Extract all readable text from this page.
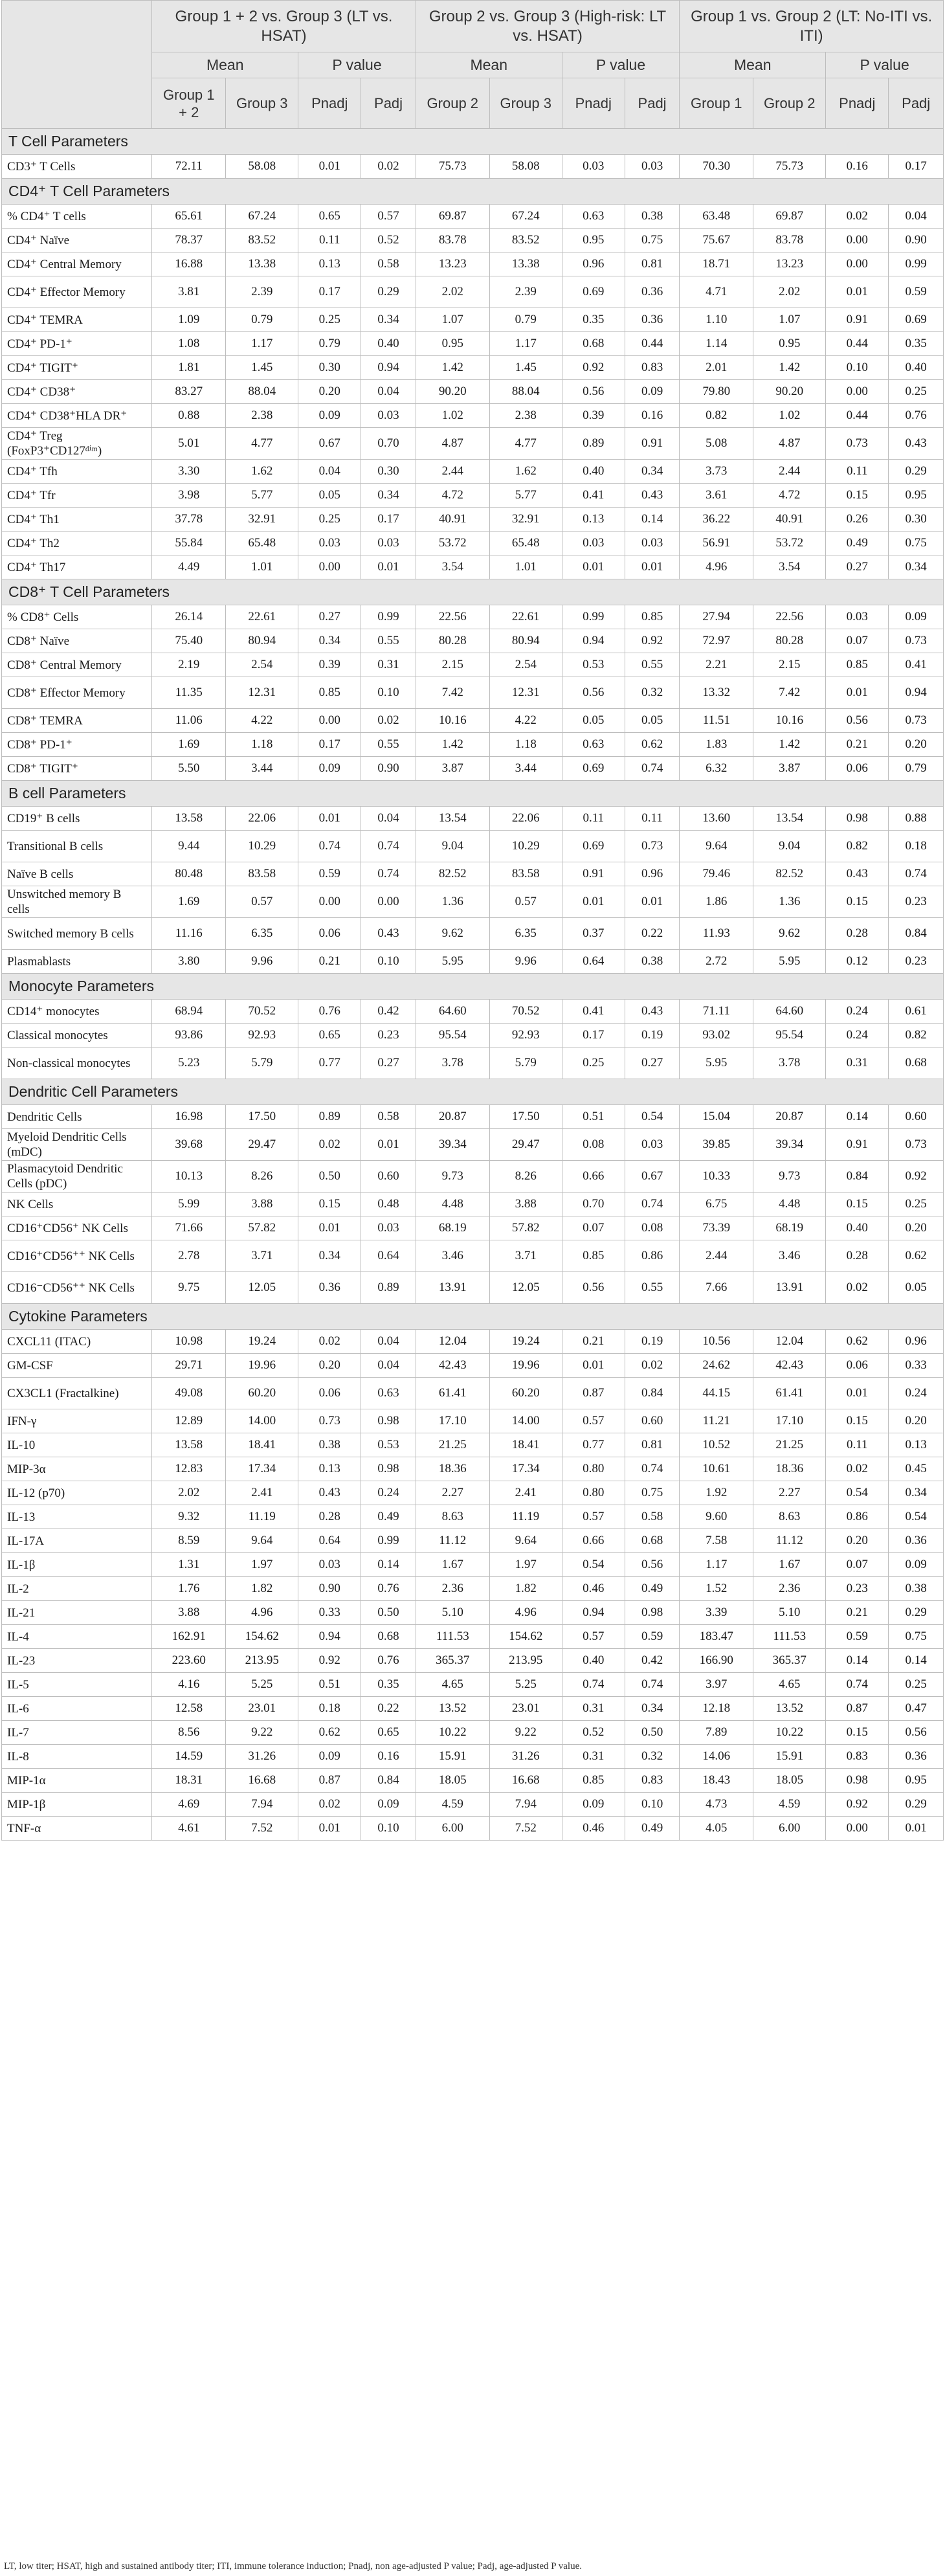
	Group 1 + 2 vs. Group 3 (LT vs. HSAT)				Group 2 vs. Group 3 (High-risk: LT vs. HSAT)				Group 1 vs. Group 2 (LT: No-ITI vs. ITI)			
	Mean		P value		Mean		P value		Mean		P value	
	Group 1 + 2	Group 3	Pnadj	Padj	Group 2	Group 3	Pnadj	Padj	Group 1	Group 2	Pnadj	Padj
T Cell Parameters												
CD3⁺ T Cells	72.11	58.08	0.01	0.02	75.73	58.08	0.03	0.03	70.30	75.73	0.16	0.17
CD4⁺ T Cell Parameters												
% CD4⁺ T cells	65.61	67.24	0.65	0.57	69.87	67.24	0.63	0.38	63.48	69.87	0.02	0.04
CD4⁺ Naïve	78.37	83.52	0.11	0.52	83.78	83.52	0.95	0.75	75.67	83.78	0.00	0.90
CD4⁺ Central Memory	16.88	13.38	0.13	0.58	13.23	13.38	0.96	0.81	18.71	13.23	0.00	0.99
CD4⁺ Effector Memory	3.81	2.39	0.17	0.29	2.02	2.39	0.69	0.36	4.71	2.02	0.01	0.59
CD4⁺ TEMRA	1.09	0.79	0.25	0.34	1.07	0.79	0.35	0.36	1.10	1.07	0.91	0.69
CD4⁺ PD-1⁺	1.08	1.17	0.79	0.40	0.95	1.17	0.68	0.44	1.14	0.95	0.44	0.35
CD4⁺ TIGIT⁺	1.81	1.45	0.30	0.94	1.42	1.45	0.92	0.83	2.01	1.42	0.10	0.40
CD4⁺ CD38⁺	83.27	88.04	0.20	0.04	90.20	88.04	0.56	0.09	79.80	90.20	0.00	0.25
CD4⁺ CD38⁺HLA DR⁺	0.88	2.38	0.09	0.03	1.02	2.38	0.39	0.16	0.82	1.02	0.44	0.76
CD4⁺ Treg (FoxP3⁺CD127ᵈⁱᵐ)	5.01	4.77	0.67	0.70	4.87	4.77	0.89	0.91	5.08	4.87	0.73	0.43
CD4⁺ Tfh	3.30	1.62	0.04	0.30	2.44	1.62	0.40	0.34	3.73	2.44	0.11	0.29
CD4⁺ Tfr	3.98	5.77	0.05	0.34	4.72	5.77	0.41	0.43	3.61	4.72	0.15	0.95
CD4⁺ Th1	37.78	32.91	0.25	0.17	40.91	32.91	0.13	0.14	36.22	40.91	0.26	0.30
CD4⁺ Th2	55.84	65.48	0.03	0.03	53.72	65.48	0.03	0.03	56.91	53.72	0.49	0.75
CD4⁺ Th17	4.49	1.01	0.00	0.01	3.54	1.01	0.01	0.01	4.96	3.54	0.27	0.34
CD8⁺ T Cell Parameters												
% CD8⁺ Cells	26.14	22.61	0.27	0.99	22.56	22.61	0.99	0.85	27.94	22.56	0.03	0.09
CD8⁺ Naïve	75.40	80.94	0.34	0.55	80.28	80.94	0.94	0.92	72.97	80.28	0.07	0.73
CD8⁺ Central Memory	2.19	2.54	0.39	0.31	2.15	2.54	0.53	0.55	2.21	2.15	0.85	0.41
CD8⁺ Effector Memory	11.35	12.31	0.85	0.10	7.42	12.31	0.56	0.32	13.32	7.42	0.01	0.94
CD8⁺ TEMRA	11.06	4.22	0.00	0.02	10.16	4.22	0.05	0.05	11.51	10.16	0.56	0.73
CD8⁺ PD-1⁺	1.69	1.18	0.17	0.55	1.42	1.18	0.63	0.62	1.83	1.42	0.21	0.20
CD8⁺ TIGIT⁺	5.50	3.44	0.09	0.90	3.87	3.44	0.69	0.74	6.32	3.87	0.06	0.79
B cell Parameters												
CD19⁺ B cells	13.58	22.06	0.01	0.04	13.54	22.06	0.11	0.11	13.60	13.54	0.98	0.88
Transitional B cells	9.44	10.29	0.74	0.74	9.04	10.29	0.69	0.73	9.64	9.04	0.82	0.18
Naïve B cells	80.48	83.58	0.59	0.74	82.52	83.58	0.91	0.96	79.46	82.52	0.43	0.74
Unswitched memory B cells	1.69	0.57	0.00	0.00	1.36	0.57	0.01	0.01	1.86	1.36	0.15	0.23
Switched memory B cells	11.16	6.35	0.06	0.43	9.62	6.35	0.37	0.22	11.93	9.62	0.28	0.84
Plasmablasts	3.80	9.96	0.21	0.10	5.95	9.96	0.64	0.38	2.72	5.95	0.12	0.23
Monocyte Parameters												
CD14⁺ monocytes	68.94	70.52	0.76	0.42	64.60	70.52	0.41	0.43	71.11	64.60	0.24	0.61
Classical monocytes	93.86	92.93	0.65	0.23	95.54	92.93	0.17	0.19	93.02	95.54	0.24	0.82
Non-classical monocytes	5.23	5.79	0.77	0.27	3.78	5.79	0.25	0.27	5.95	3.78	0.31	0.68
Dendritic Cell Parameters												
Dendritic Cells	16.98	17.50	0.89	0.58	20.87	17.50	0.51	0.54	15.04	20.87	0.14	0.60
Myeloid Dendritic Cells (mDC)	39.68	29.47	0.02	0.01	39.34	29.47	0.08	0.03	39.85	39.34	0.91	0.73
Plasmacytoid Dendritic Cells (pDC)	10.13	8.26	0.50	0.60	9.73	8.26	0.66	0.67	10.33	9.73	0.84	0.92
NK Cells	5.99	3.88	0.15	0.48	4.48	3.88	0.70	0.74	6.75	4.48	0.15	0.25
CD16⁺CD56⁺ NK Cells	71.66	57.82	0.01	0.03	68.19	57.82	0.07	0.08	73.39	68.19	0.40	0.20
CD16⁺CD56⁺⁺ NK Cells	2.78	3.71	0.34	0.64	3.46	3.71	0.85	0.86	2.44	3.46	0.28	0.62
CD16⁻CD56⁺⁺ NK Cells	9.75	12.05	0.36	0.89	13.91	12.05	0.56	0.55	7.66	13.91	0.02	0.05
Cytokine Parameters												
CXCL11 (ITAC)	10.98	19.24	0.02	0.04	12.04	19.24	0.21	0.19	10.56	12.04	0.62	0.96
GM-CSF	29.71	19.96	0.20	0.04	42.43	19.96	0.01	0.02	24.62	42.43	0.06	0.33
CX3CL1 (Fractalkine)	49.08	60.20	0.06	0.63	61.41	60.20	0.87	0.84	44.15	61.41	0.01	0.24
IFN-γ	12.89	14.00	0.73	0.98	17.10	14.00	0.57	0.60	11.21	17.10	0.15	0.20
IL-10	13.58	18.41	0.38	0.53	21.25	18.41	0.77	0.81	10.52	21.25	0.11	0.13
MIP-3α	12.83	17.34	0.13	0.98	18.36	17.34	0.80	0.74	10.61	18.36	0.02	0.45
IL-12 (p70)	2.02	2.41	0.43	0.24	2.27	2.41	0.80	0.75	1.92	2.27	0.54	0.34
IL-13	9.32	11.19	0.28	0.49	8.63	11.19	0.57	0.58	9.60	8.63	0.86	0.54
IL-17A	8.59	9.64	0.64	0.99	11.12	9.64	0.66	0.68	7.58	11.12	0.20	0.36
IL-1β	1.31	1.97	0.03	0.14	1.67	1.97	0.54	0.56	1.17	1.67	0.07	0.09
IL-2	1.76	1.82	0.90	0.76	2.36	1.82	0.46	0.49	1.52	2.36	0.23	0.38
IL-21	3.88	4.96	0.33	0.50	5.10	4.96	0.94	0.98	3.39	5.10	0.21	0.29
IL-4	162.91	154.62	0.94	0.68	111.53	154.62	0.57	0.59	183.47	111.53	0.59	0.75
IL-23	223.60	213.95	0.92	0.76	365.37	213.95	0.40	0.42	166.90	365.37	0.14	0.14
IL-5	4.16	5.25	0.51	0.35	4.65	5.25	0.74	0.74	3.97	4.65	0.74	0.25
IL-6	12.58	23.01	0.18	0.22	13.52	23.01	0.31	0.34	12.18	13.52	0.87	0.47
IL-7	8.56	9.22	0.62	0.65	10.22	9.22	0.52	0.50	7.89	10.22	0.15	0.56
IL-8	14.59	31.26	0.09	0.16	15.91	31.26	0.31	0.32	14.06	15.91	0.83	0.36
MIP-1α	18.31	16.68	0.87	0.84	18.05	16.68	0.85	0.83	18.43	18.05	0.98	0.95
MIP-1β	4.69	7.94	0.02	0.09	4.59	7.94	0.09	0.10	4.73	4.59	0.92	0.29
TNF-α	4.61	7.52	0.01	0.10	6.00	7.52	0.46	0.49	4.05	6.00	0.00	0.01
LT, low titer; HSAT, high and sustained antibody titer; ITI, immune tolerance induction; Pnadj, non age-adjusted P value; Padj, age-adjusted P value.
